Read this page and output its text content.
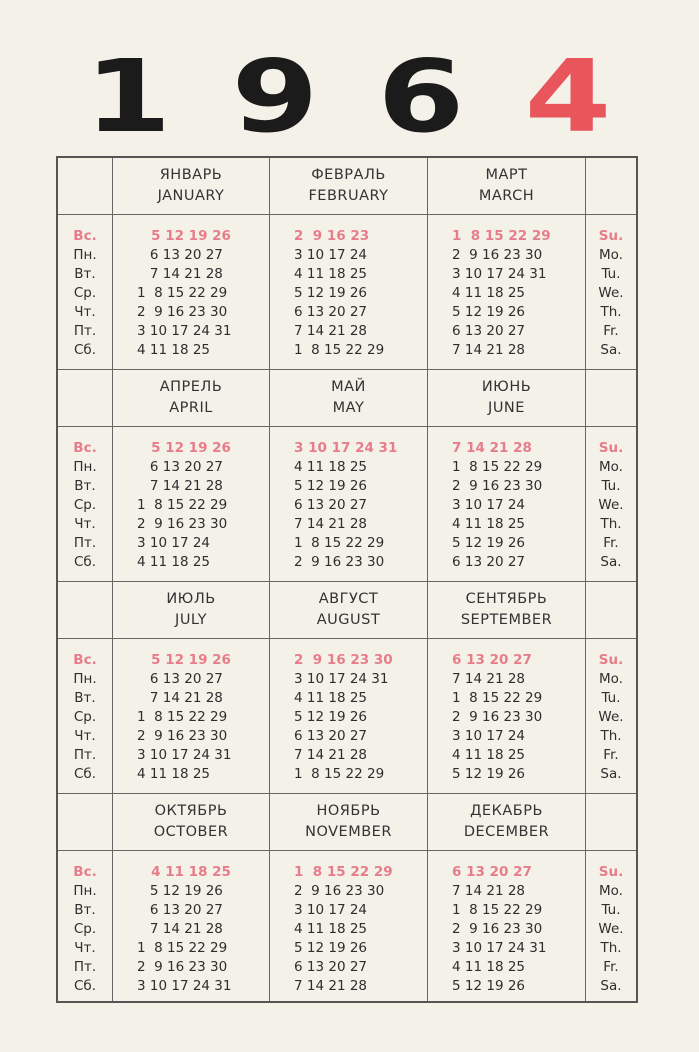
1 9 6 4
ЯНВАРЬ
JANUARY
ФЕВРАЛЬ
FEBRUARY
МАРТ
MARCH
Вс.
Пн.
Вт.
Ср.
Чт.
Пт.
Сб.
5 12 19 26
6 13 20 27
7 14 21 28
1  8 15 22 29
2  9 16 23 30
3 10 17 24 31
4 11 18 25
2  9 16 23
3 10 17 24
4 11 18 25
5 12 19 26
6 13 20 27
7 14 21 28
1  8 15 22 29
1  8 15 22 29
2  9 16 23 30
3 10 17 24 31
4 11 18 25
5 12 19 26
6 13 20 27
7 14 21 28
Su.
Mo.
Tu.
We.
Th.
Fr.
Sa.
АПРЕЛЬ
APRIL
МАЙ
MAY
ИЮНЬ
JUNE
Вс.
Пн.
Вт.
Ср.
Чт.
Пт.
Сб.
5 12 19 26
6 13 20 27
7 14 21 28
1  8 15 22 29
2  9 16 23 30
3 10 17 24
4 11 18 25
3 10 17 24 31
4 11 18 25
5 12 19 26
6 13 20 27
7 14 21 28
1  8 15 22 29
2  9 16 23 30
7 14 21 28
1  8 15 22 29
2  9 16 23 30
3 10 17 24
4 11 18 25
5 12 19 26
6 13 20 27
Su.
Mo.
Tu.
We.
Th.
Fr.
Sa.
ИЮЛЬ
JULY
АВГУСТ
AUGUST
СЕНТЯБРЬ
SEPTEMBER
Вс.
Пн.
Вт.
Ср.
Чт.
Пт.
Сб.
5 12 19 26
6 13 20 27
7 14 21 28
1  8 15 22 29
2  9 16 23 30
3 10 17 24 31
4 11 18 25
2  9 16 23 30
3 10 17 24 31
4 11 18 25
5 12 19 26
6 13 20 27
7 14 21 28
1  8 15 22 29
6 13 20 27
7 14 21 28
1  8 15 22 29
2  9 16 23 30
3 10 17 24
4 11 18 25
5 12 19 26
Su.
Mo.
Tu.
We.
Th.
Fr.
Sa.
ОКТЯБРЬ
OCTOBER
НОЯБРЬ
NOVEMBER
ДЕКАБРЬ
DECEMBER
Вс.
Пн.
Вт.
Ср.
Чт.
Пт.
Сб.
4 11 18 25
5 12 19 26
6 13 20 27
7 14 21 28
1  8 15 22 29
2  9 16 23 30
3 10 17 24 31
1  8 15 22 29
2  9 16 23 30
3 10 17 24
4 11 18 25
5 12 19 26
6 13 20 27
7 14 21 28
6 13 20 27
7 14 21 28
1  8 15 22 29
2  9 16 23 30
3 10 17 24 31
4 11 18 25
5 12 19 26
Su.
Mo.
Tu.
We.
Th.
Fr.
Sa.
